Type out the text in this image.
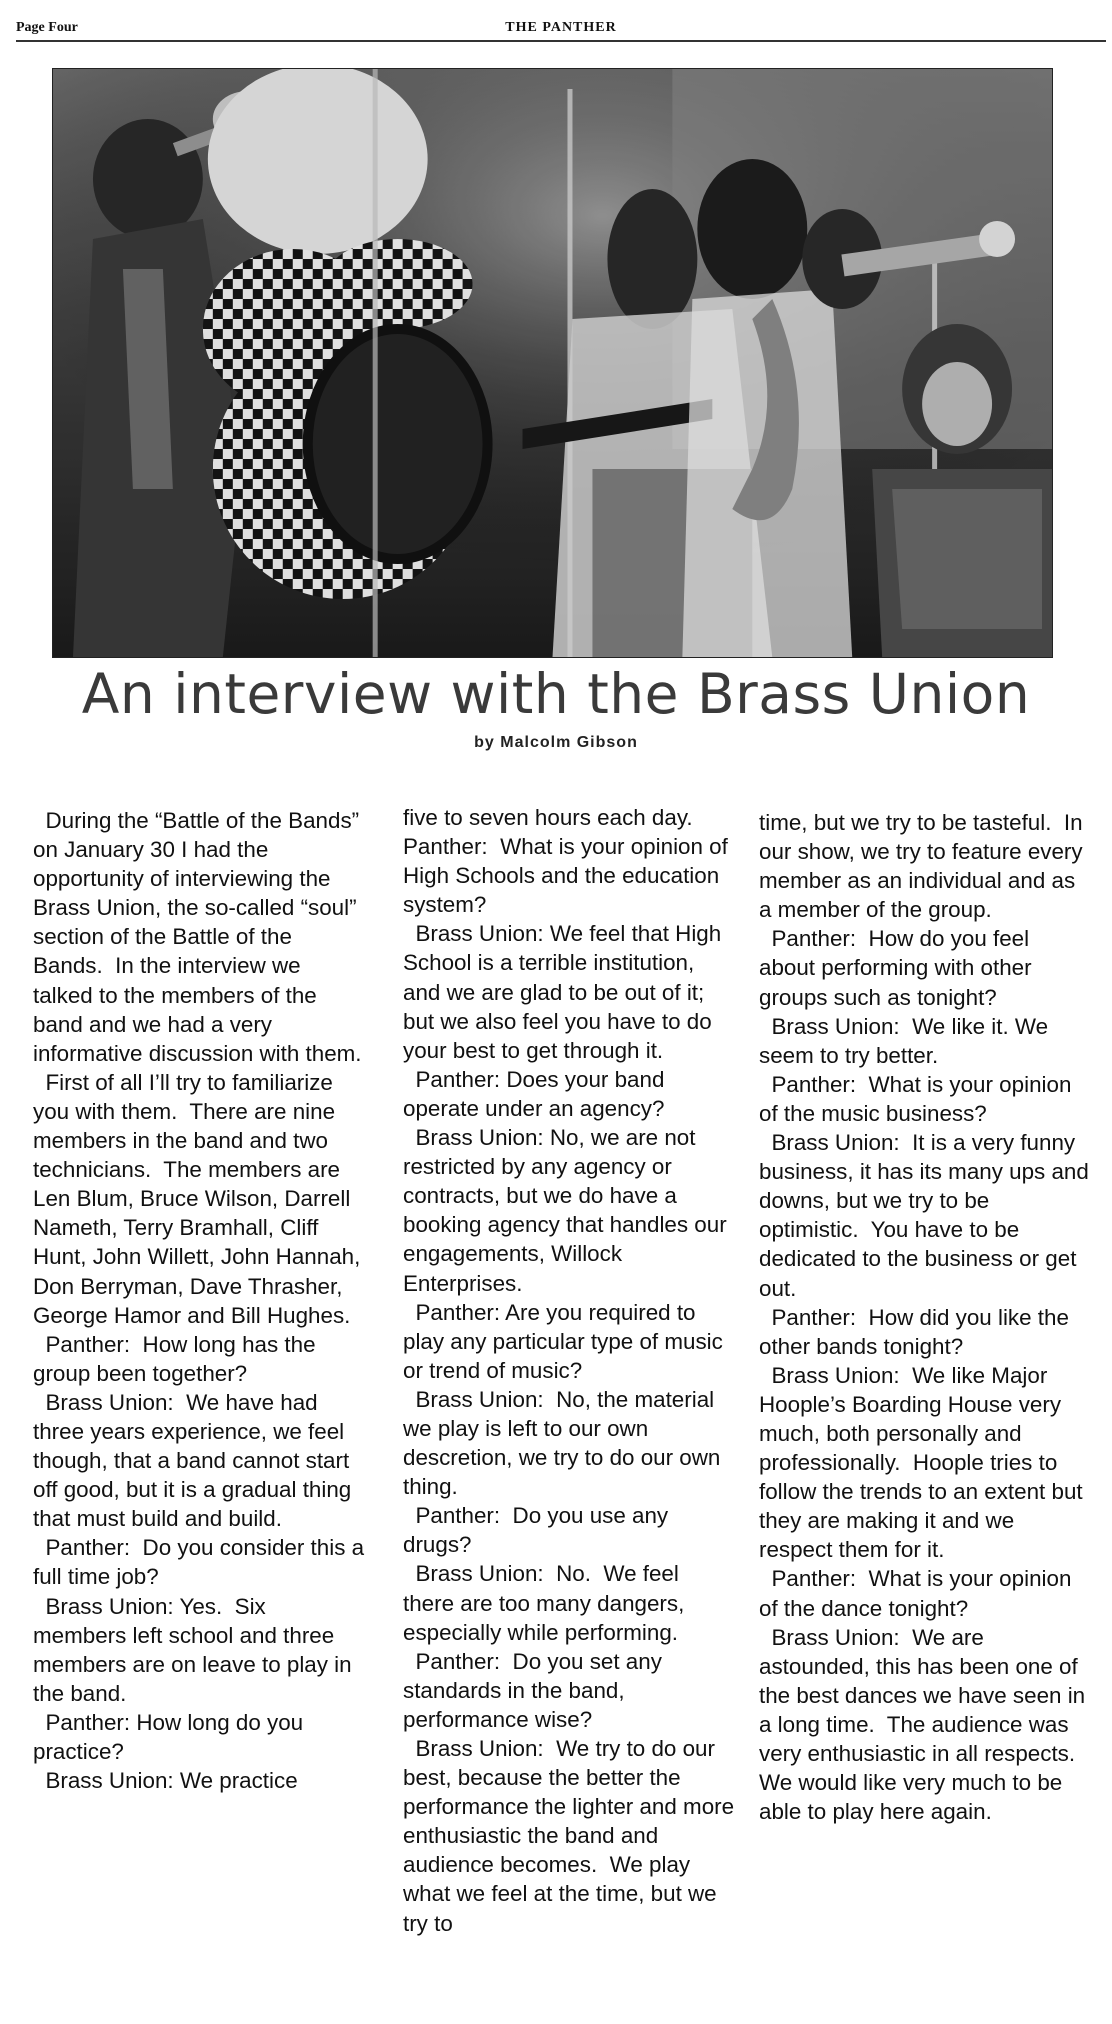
Page Four	THE PANTHER
An interview with the Brass Union
by Malcolm Gibson

During the “Battle of the Bands” on January 30 I had the opportunity of interviewing the Brass Union, the so-called “soul” section of the Battle of the Bands.  In the interview we talked to the members of the band and we had a very informative discussion with them.

First of all I’ll try to familiarize you with them.  There are nine members in the band and two technicians.  The members are Len Blum, Bruce Wilson, Darrell Nameth, Terry Bramhall, Cliff Hunt, John Willett, John Hannah, Don Berryman, Dave Thrasher, George Hamor and Bill Hughes.

Panther:  How long has the group been together?

Brass Union:  We have had three years experience, we feel though, that a band cannot start off good, but it is a gradual thing that must build and build.

Panther:  Do you consider this a full time job?

Brass Union: Yes.  Six members left school and three members are on leave to play in the band.

Panther: How long do you practice?

Brass Union: We practice

five to seven hours each day.      Panther:  What is your opinion of High Schools and the education system?

Brass Union: We feel that High School is a terrible institution, and we are glad to be out of it; but we also feel you have to do your best to get through it.

Panther: Does your band operate under an agency?

Brass Union: No, we are not restricted by any agency or contracts, but we do have a booking agency that handles our engagements, Willock Enterprises.

Panther: Are you required to play any particular type of music or trend of music?

Brass Union:  No, the material we play is left to our own descretion, we try to do our own thing.

Panther:  Do you use any drugs?

Brass Union:  No.  We feel there are too many dangers, especially while performing.

Panther:  Do you set any standards in the band, performance wise?

Brass Union:  We try to do our best, because the better the performance the lighter and more enthusiastic the band and audience becomes.  We play what we feel at the time, but we try to

time, but we try to be tasteful.  In our show, we try to feature every member as an individual and as a member of the group.

Panther:  How do you feel about performing with other groups such as tonight?

Brass Union:  We like it. We seem to try better.

Panther:  What is your opinion of the music business?

Brass Union:  It is a very funny business, it has its many ups and downs, but we try to be optimistic.  You have to be dedicated to the business or get out.

Panther:  How did you like the other bands tonight?

Brass Union:  We like Major Hoople’s Boarding House very much, both personally and professionally.  Hoople tries to follow the trends to an extent but they are making it and we respect them for it.

Panther:  What is your opinion of the dance tonight?

Brass Union:  We are astounded, this has been one of the best dances we have seen in a long time.  The audience was very enthusiastic in all respects.  We would like very much to be able to play here again.
